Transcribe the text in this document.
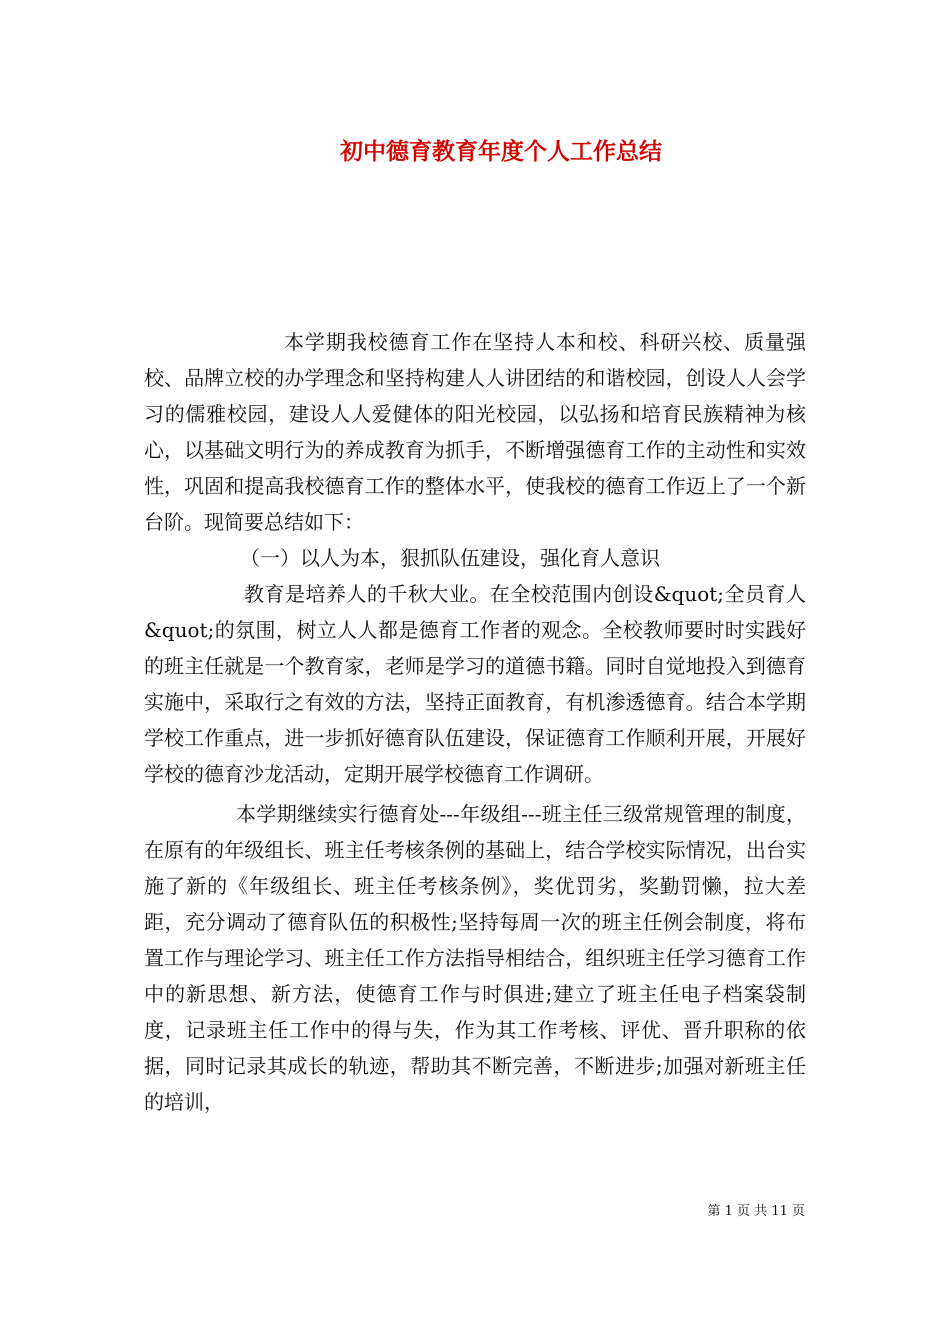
初中德育教育年度个人工作总结

本学期我校德育工作在坚持人本和校、科研兴校、质量强校、品牌立校的办学理念和坚持构建人人讲团结的和谐校园，创设人人会学习的儒雅校园，建设人人爱健体的阳光校园，以弘扬和培育民族精神为核心，以基础文明行为的养成教育为抓手，不断增强德育工作的主动性和实效性，巩固和提高我校德育工作的整体水平，使我校的德育工作迈上了一个新台阶。现简要总结如下：

（一）以人为本，狠抓队伍建设，强化育人意识

教育是培养人的千秋大业。在全校范围内创设&quot;全员育人&quot;的氛围，树立人人都是德育工作者的观念。全校教师要时时实践好的班主任就是一个教育家，老师是学习的道德书籍。同时自觉地投入到德育实施中，采取行之有效的方法，坚持正面教育，有机渗透德育。结合本学期学校工作重点，进一步抓好德育队伍建设，保证德育工作顺利开展，开展好学校的德育沙龙活动，定期开展学校德育工作调研。

本学期继续实行德育处---年级组---班主任三级常规管理的制度，在原有的年级组长、班主任考核条例的基础上，结合学校实际情况，出台实施了新的《年级组长、班主任考核条例》，奖优罚劣，奖勤罚懒，拉大差距，充分调动了德育队伍的积极性;坚持每周一次的班主任例会制度，将布置工作与理论学习、班主任工作方法指导相结合，组织班主任学习德育工作中的新思想、新方法，使德育工作与时俱进;建立了班主任电子档案袋制度，记录班主任工作中的得与失，作为其工作考核、评优、晋升职称的依据，同时记录其成长的轨迹，帮助其不断完善，不断进步;加强对新班主任的培训，

第 1 页 共 11 页
